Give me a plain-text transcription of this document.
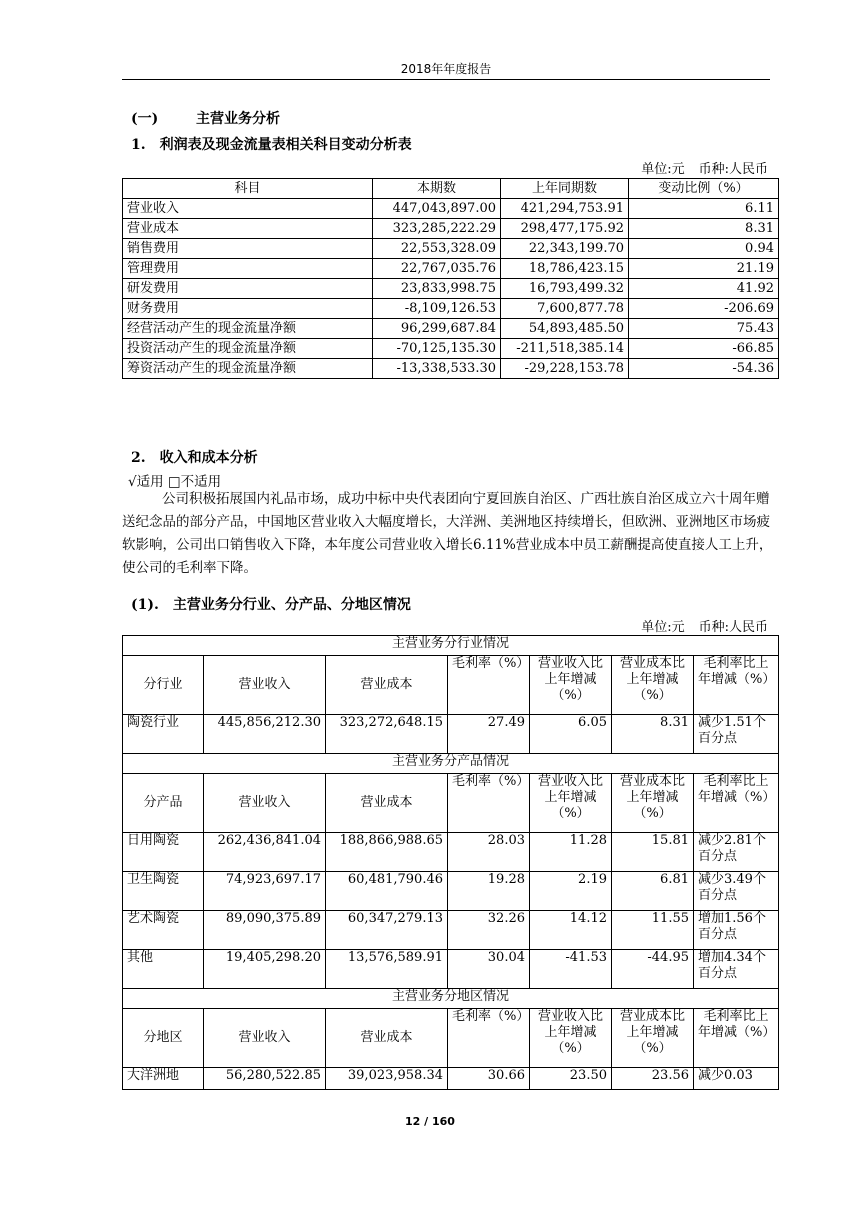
2018年年度报告
(一)	主营业务分析
1.　利润表及现金流量表相关科目变动分析表
单位:元 币种:人民币
科目	本期数	上年同期数	变动比例（%）
营业收入	447,043,897.00	421,294,753.91	6.11
营业成本	323,285,222.29	298,477,175.92	8.31
销售费用	22,553,328.09	22,343,199.70	0.94
管理费用	22,767,035.76	18,786,423.15	21.19
研发费用	23,833,998.75	16,793,499.32	41.92
财务费用	-8,109,126.53	7,600,877.78	-206.69
经营活动产生的现金流量净额	96,299,687.84	54,893,485.50	75.43
投资活动产生的现金流量净额	-70,125,135.30	-211,518,385.14	-66.85
筹资活动产生的现金流量净额	-13,338,533.30	-29,228,153.78	-54.36
2.　收入和成本分析
√适用 □不适用
公司积极拓展国内礼品市场，成功中标中央代表团向宁夏回族自治区、广西壮族自治区成立六十周年赠送纪念品的部分产品，中国地区营业收入大幅度增长，大洋洲、美洲地区持续增长，但欧洲、亚洲地区市场疲软影响，公司出口销售收入下降，本年度公司营业收入增长6.11%营业成本中员工薪酬提高使直接人工上升，使公司的毛利率下降。
(1).　主营业务分行业、分产品、分地区情况
单位:元 币种:人民币
主营业务分行业情况						
分行业	营业收入	营业成本	毛利率（%）	营业收入比上年增减（%）	营业成本比上年增减（%）	毛利率比上年增减（%）
陶瓷行业	445,856,212.30	323,272,648.15	27.49	6.05	8.31	减少1.51个百分点
主营业务分产品情况						
分产品	营业收入	营业成本	毛利率（%）	营业收入比上年增减（%）	营业成本比上年增减（%）	毛利率比上年增减（%）
日用陶瓷	262,436,841.04	188,866,988.65	28.03	11.28	15.81	减少2.81个百分点
卫生陶瓷	74,923,697.17	60,481,790.46	19.28	2.19	6.81	减少3.49个百分点
艺术陶瓷	89,090,375.89	60,347,279.13	32.26	14.12	11.55	增加1.56个百分点
其他	19,405,298.20	13,576,589.91	30.04	-41.53	-44.95	增加4.34个百分点
主营业务分地区情况						
分地区	营业收入	营业成本	毛利率（%）	营业收入比上年增减（%）	营业成本比上年增减（%）	毛利率比上年增减（%）
大洋洲地	56,280,522.85	39,023,958.34	30.66	23.50	23.56	减少0.03
12 / 160
